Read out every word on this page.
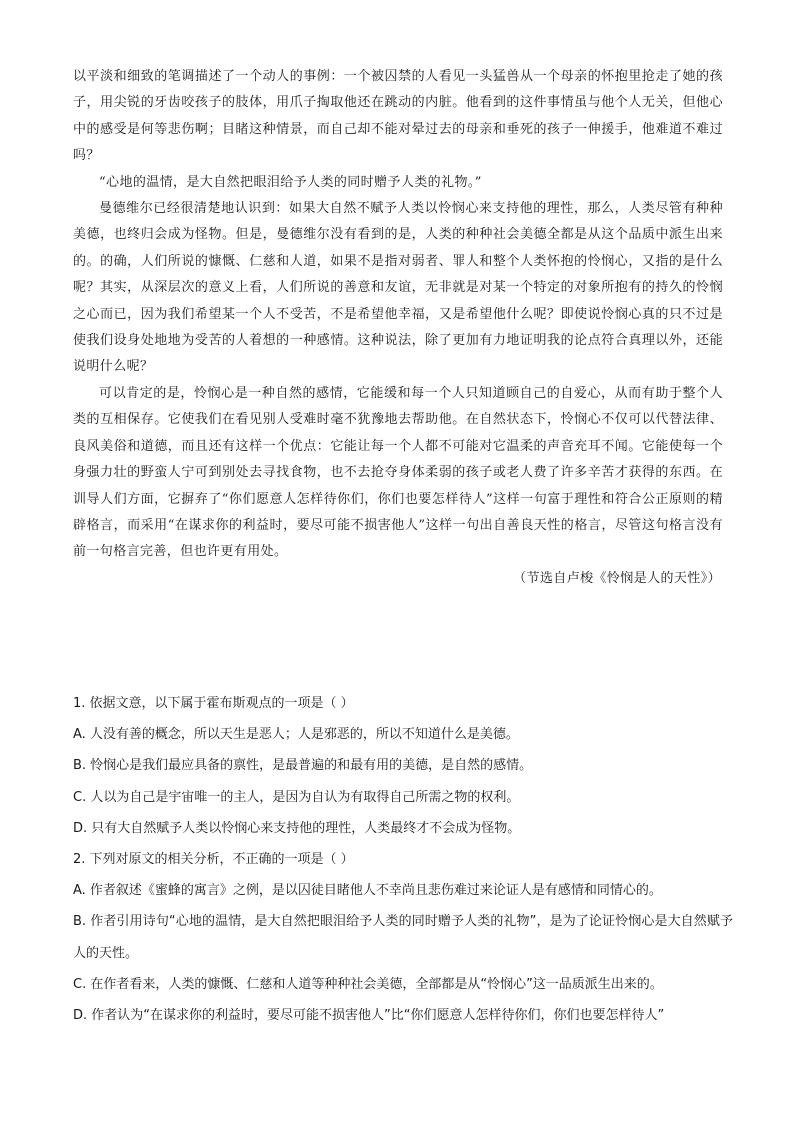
以平淡和细致的笔调描述了一个动人的事例：一个被囚禁的人看见一头猛兽从一个母亲的怀抱里抢走了她的孩子，用尖锐的牙齿咬孩子的肢体，用爪子掏取他还在跳动的内脏。他看到的这件事情虽与他个人无关，但他心中的感受是何等悲伤啊；目睹这种情景，而自己却不能对晕过去的母亲和垂死的孩子一伸援手，他难道不难过吗？

“心地的温情，是大自然把眼泪给予人类的同时赠予人类的礼物。”

曼德维尔已经很清楚地认识到：如果大自然不赋予人类以怜悯心来支持他的理性，那么，人类尽管有种种美德，也终归会成为怪物。但是，曼德维尔没有看到的是，人类的种种社会美德全都是从这个品质中派生出来的。的确，人们所说的慷慨、仁慈和人道，如果不是指对弱者、罪人和整个人类怀抱的怜悯心，又指的是什么呢？其实，从深层次的意义上看，人们所说的善意和友谊，无非就是对某一个特定的对象所抱有的持久的怜悯之心而已，因为我们希望某一个人不受苦，不是希望他幸福，又是希望他什么呢？即使说怜悯心真的只不过是使我们设身处地地为受苦的人着想的一种感情。这种说法，除了更加有力地证明我的论点符合真理以外，还能说明什么呢？

可以肯定的是，怜悯心是一种自然的感情，它能缓和每一个人只知道顾自己的自爱心，从而有助于整个人类的互相保存。它使我们在看见别人受难时毫不犹豫地去帮助他。在自然状态下，怜悯心不仅可以代替法律、良风美俗和道德，而且还有这样一个优点：它能让每一个人都不可能对它温柔的声音充耳不闻。它能使每一个身强力壮的野蛮人宁可到别处去寻找食物，也不去抢夺身体柔弱的孩子或老人费了许多辛苦才获得的东西。在训导人们方面，它摒弃了“你们愿意人怎样待你们，你们也要怎样待人”这样一句富于理性和符合公正原则的精辟格言，而采用“在谋求你的利益时，要尽可能不损害他人”这样一句出自善良天性的格言，尽管这句格言没有前一句格言完善，但也许更有用处。

（节选自卢梭《怜悯是人的天性》）

1. 依据文意，以下属于霍布斯观点的一项是（ ）

A. 人没有善的概念，所以天生是恶人；人是邪恶的，所以不知道什么是美德。

B. 怜悯心是我们最应具备的禀性，是最普遍的和最有用的美德，是自然的感情。

C. 人以为自己是宇宙唯一的主人，是因为自认为有取得自己所需之物的权利。

D. 只有大自然赋予人类以怜悯心来支持他的理性，人类最终才不会成为怪物。

2. 下列对原文的相关分析，不正确的一项是（ ）

A. 作者叙述《蜜蜂的寓言》之例，是以囚徒目睹他人不幸尚且悲伤难过来论证人是有感情和同情心的。

B. 作者引用诗句“心地的温情，是大自然把眼泪给予人类的同时赠予人类的礼物”，是为了论证怜悯心是大自然赋予人的天性。

C. 在作者看来，人类的慷慨、仁慈和人道等种种社会美德，全部都是从“怜悯心”这一品质派生出来的。

D. 作者认为“在谋求你的利益时，要尽可能不损害他人”比“你们愿意人怎样待你们，你们也要怎样待人”
